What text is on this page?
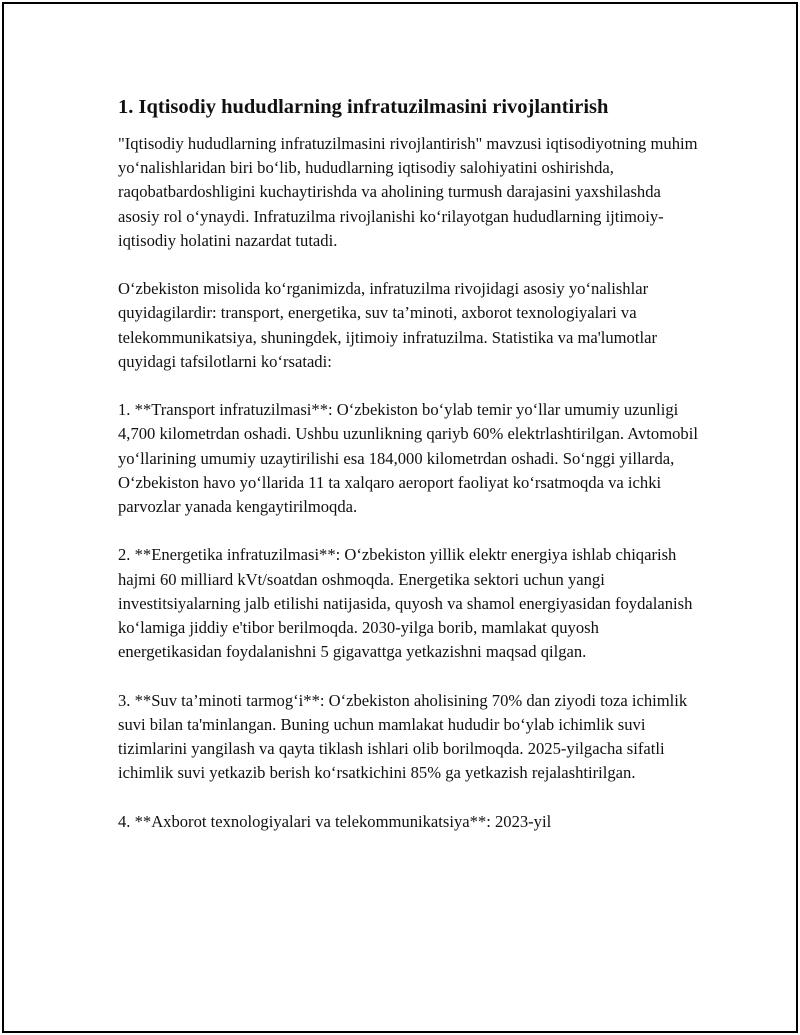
1. Iqtisodiy hududlarning infratuzilmasini rivojlantirish

"Iqtisodiy hududlarning infratuzilmasini rivojlantirish" mavzusi iqtisodiyotning muhim yo‘nalishlaridan biri bo‘lib, hududlarning iqtisodiy salohiyatini oshirishda, raqobatbardoshligini kuchaytirishda va aholining turmush darajasini yaxshilashda asosiy rol o‘ynaydi. Infratuzilma rivojlanishi ko‘rilayotgan hududlarning ijtimoiy-iqtisodiy holatini nazardat tutadi.

O‘zbekiston misolida ko‘rganimizda, infratuzilma rivojidagi asosiy yo‘nalishlar quyidagilardir: transport, energetika, suv ta’minoti, axborot texnologiyalari va telekommunikatsiya, shuningdek, ijtimoiy infratuzilma. Statistika va ma'lumotlar quyidagi tafsilotlarni ko‘rsatadi:

1. **Transport infratuzilmasi**: O‘zbekiston bo‘ylab temir yo‘llar umumiy uzunligi 4,700 kilometrdan oshadi. Ushbu uzunlikning qariyb 60% elektrlashtirilgan. Avtomobil yo‘llarining umumiy uzaytirilishi esa 184,000 kilometrdan oshadi. So‘nggi yillarda, O‘zbekiston havo yo‘llarida 11 ta xalqaro aeroport faoliyat ko‘rsatmoqda va ichki parvozlar yanada kengaytirilmoqda.

2. **Energetika infratuzilmasi**: O‘zbekiston yillik elektr energiya ishlab chiqarish hajmi 60 milliard kVt/soatdan oshmoqda. Energetika sektori uchun yangi investitsiyalarning jalb etilishi natijasida, quyosh va shamol energiyasidan foydalanish ko‘lamiga jiddiy e'tibor berilmoqda. 2030-yilga borib, mamlakat quyosh energetikasidan foydalanishni 5 gigavattga yetkazishni maqsad qilgan.

3. **Suv ta’minoti tarmog‘i**: O‘zbekiston aholisining 70% dan ziyodi toza ichimlik suvi bilan ta'minlangan. Buning uchun mamlakat hududir bo‘ylab ichimlik suvi tizimlarini yangilash va qayta tiklash ishlari olib borilmoqda. 2025-yilgacha sifatli ichimlik suvi yetkazib berish ko‘rsatkichini 85% ga yetkazish rejalashtirilgan.

4. **Axborot texnologiyalari va telekommunikatsiya**: 2023-yil
